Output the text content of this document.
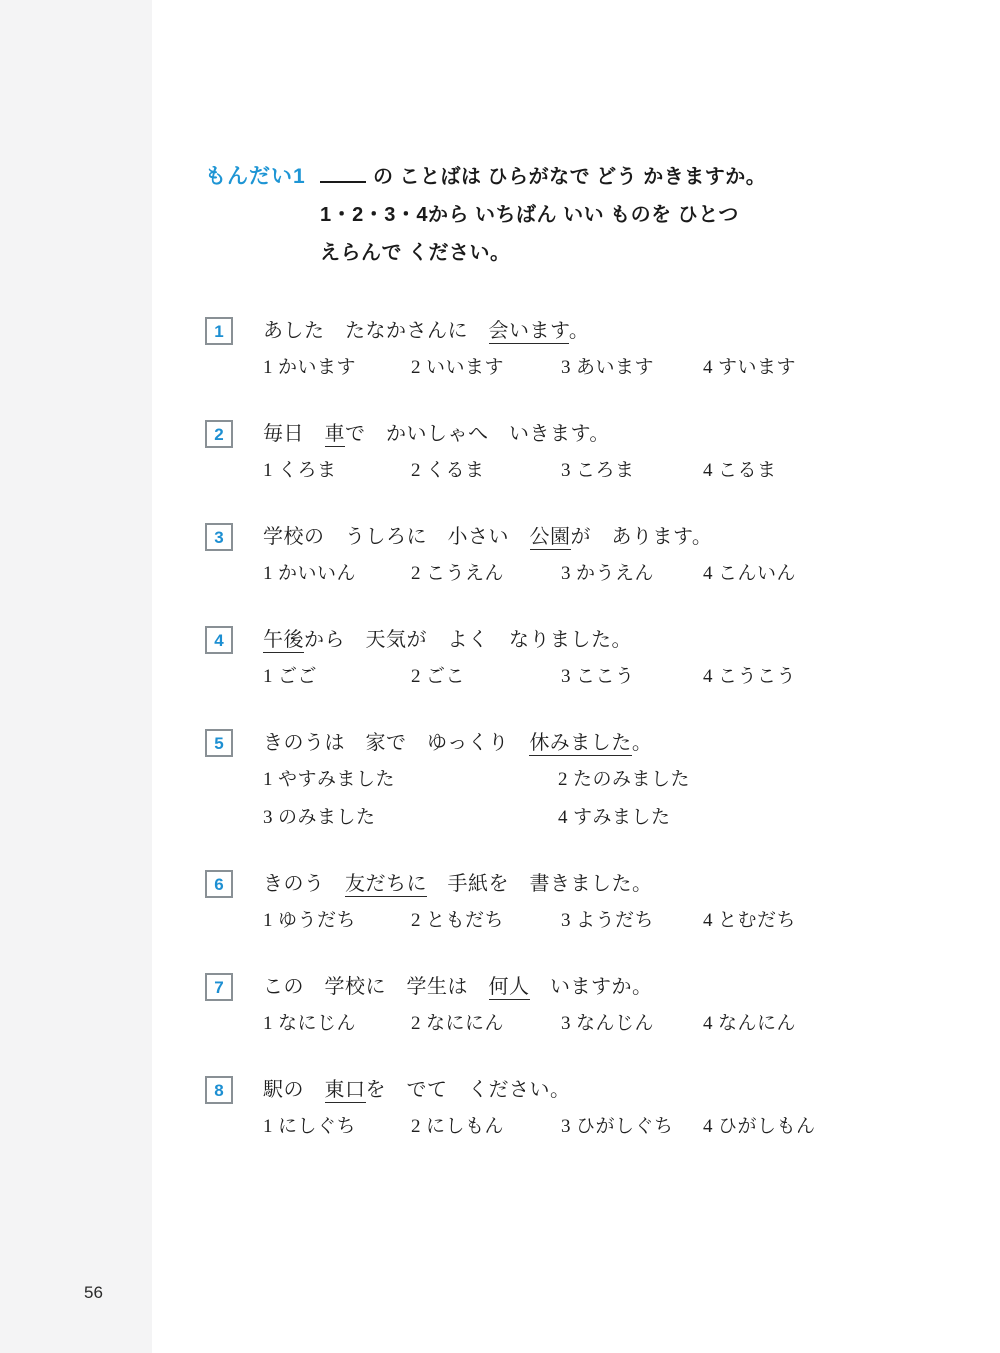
56
もんだい1	の ことばは ひらがなで どう かきますか。
1・2・3・4から いちばん いい ものを ひとつ
えらんで ください。
1 あした　たなかさんに　会います。
1 かいます	2 いいます	3 あいます	4 すいます
2 毎日　車で　かいしゃへ　いきます。
1 くろま	2 くるま	3 ころま	4 こるま
3 学校の　うしろに　小さい　公園が　あります。
1 かいいん	2 こうえん	3 かうえん	4 こんいん
4 午後から　天気が　よく　なりました。
1 ごご	2 ごこ	3 ここう	4 こうこう
5 きのうは　家で　ゆっくり　休みました。
1 やすみました	2 たのみました
3 のみました	4 すみました
6 きのう　友だちに　手紙を　書きました。
1 ゆうだち	2 ともだち	3 ようだち	4 とむだち
7 この　学校に　学生は　何人　いますか。
1 なにじん	2 なににん	3 なんじん	4 なんにん
8 駅の　東口を　でて　ください。
1 にしぐち	2 にしもん	3 ひがしぐち	4 ひがしもん
